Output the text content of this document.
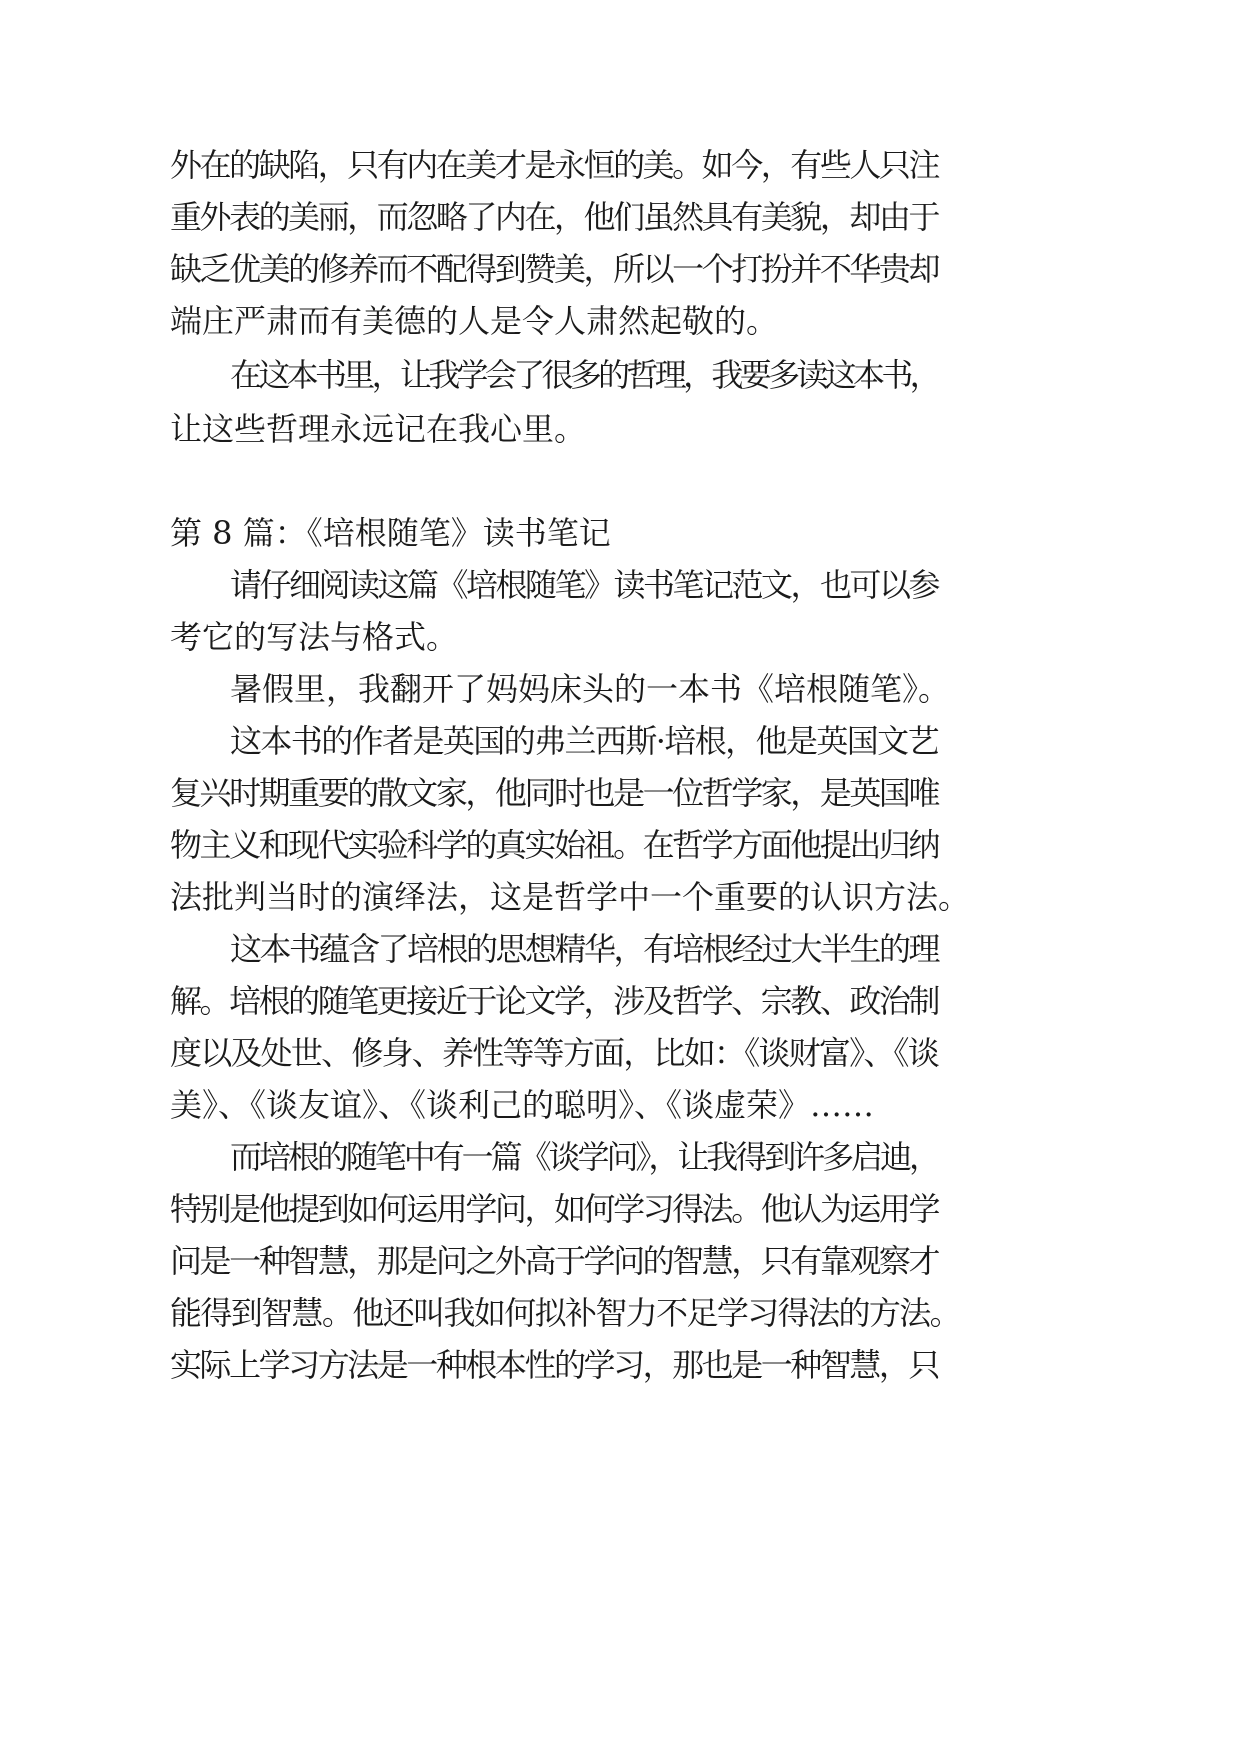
外在的缺陷，只有内在美才是永恒的美。如今，有些人只注
重外表的美丽，而忽略了内在，他们虽然具有美貌，却由于
缺乏优美的修养而不配得到赞美，所以一个打扮并不华贵却
端庄严肃而有美德的人是令人肃然起敬的。
在这本书里，让我学会了很多的哲理，我要多读这本书，
让这些哲理永远记在我心里。
第 8 篇：《培根随笔》读书笔记
请仔细阅读这篇《培根随笔》读书笔记范文，也可以参
考它的写法与格式。
暑假里，我翻开了妈妈床头的一本书《培根随笔》。
这本书的作者是英国的弗兰西斯·培根，他是英国文艺
复兴时期重要的散文家，他同时也是一位哲学家，是英国唯
物主义和现代实验科学的真实始祖。在哲学方面他提出归纳
法批判当时的演绎法，这是哲学中一个重要的认识方法。
这本书蕴含了培根的思想精华，有培根经过大半生的理
解。培根的随笔更接近于论文学，涉及哲学、宗教、政治制
度以及处世、修身、养性等等方面，比如：《谈财富》、《谈
美》、《谈友谊》、《谈利己的聪明》、《谈虚荣》……
而培根的随笔中有一篇《谈学问》，让我得到许多启迪，
特别是他提到如何运用学问，如何学习得法。他认为运用学
问是一种智慧，那是问之外高于学问的智慧，只有靠观察才
能得到智慧。他还叫我如何拟补智力不足学习得法的方法。
实际上学习方法是一种根本性的学习，那也是一种智慧，只
